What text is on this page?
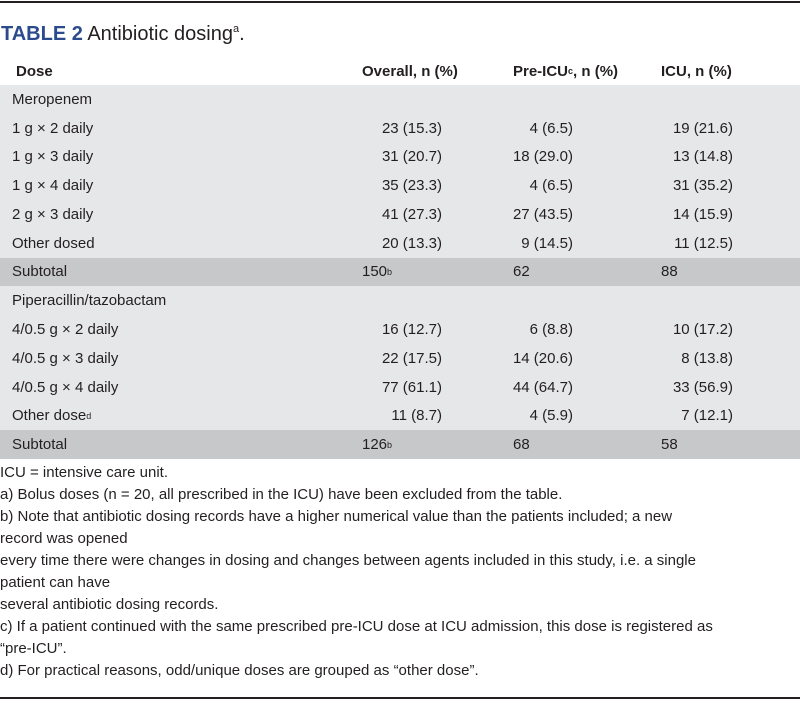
TABLE 2 Antibiotic dosing$^a$.
Dose	Overall, n (%)	Pre-ICU c , n (%)	ICU, n (%)
Meropenem
1 g × 2 daily	23 (15.3)	4 (6.5)	19 (21.6)
1 g × 3 daily	31 (20.7)	18 (29.0)	13 (14.8)
1 g × 4 daily	35 (23.3)	4 (6.5)	31 (35.2)
2 g × 3 daily	41 (27.3)	27 (43.5)	14 (15.9)
Other dosed	20 (13.3)	9 (14.5)	11 (12.5)
Subtotal	150 b	62	88
Piperacillin/tazobactam
4/0.5 g × 2 daily	16 (12.7)	6 (8.8)	10 (17.2)
4/0.5 g × 3 daily	22 (17.5)	14 (20.6)	8 (13.8)
4/0.5 g × 4 daily	77 (61.1)	44 (64.7)	33 (56.9)
Other dose d	11 (8.7)	4 (5.9)	7 (12.1)
Subtotal	126 b	68	58
ICU = intensive care unit.
a) Bolus doses (n = 20, all prescribed in the ICU) have been excluded from the table.
b) Note that antibiotic dosing records have a higher numerical value than the patients included; a new
record was opened
every time there were changes in dosing and changes between agents included in this study, i.e. a single
patient can have
several antibiotic dosing records.
c) If a patient continued with the same prescribed pre-ICU dose at ICU admission, this dose is registered as
“pre-ICU”.
d) For practical reasons, odd/unique doses are grouped as “other dose”.
